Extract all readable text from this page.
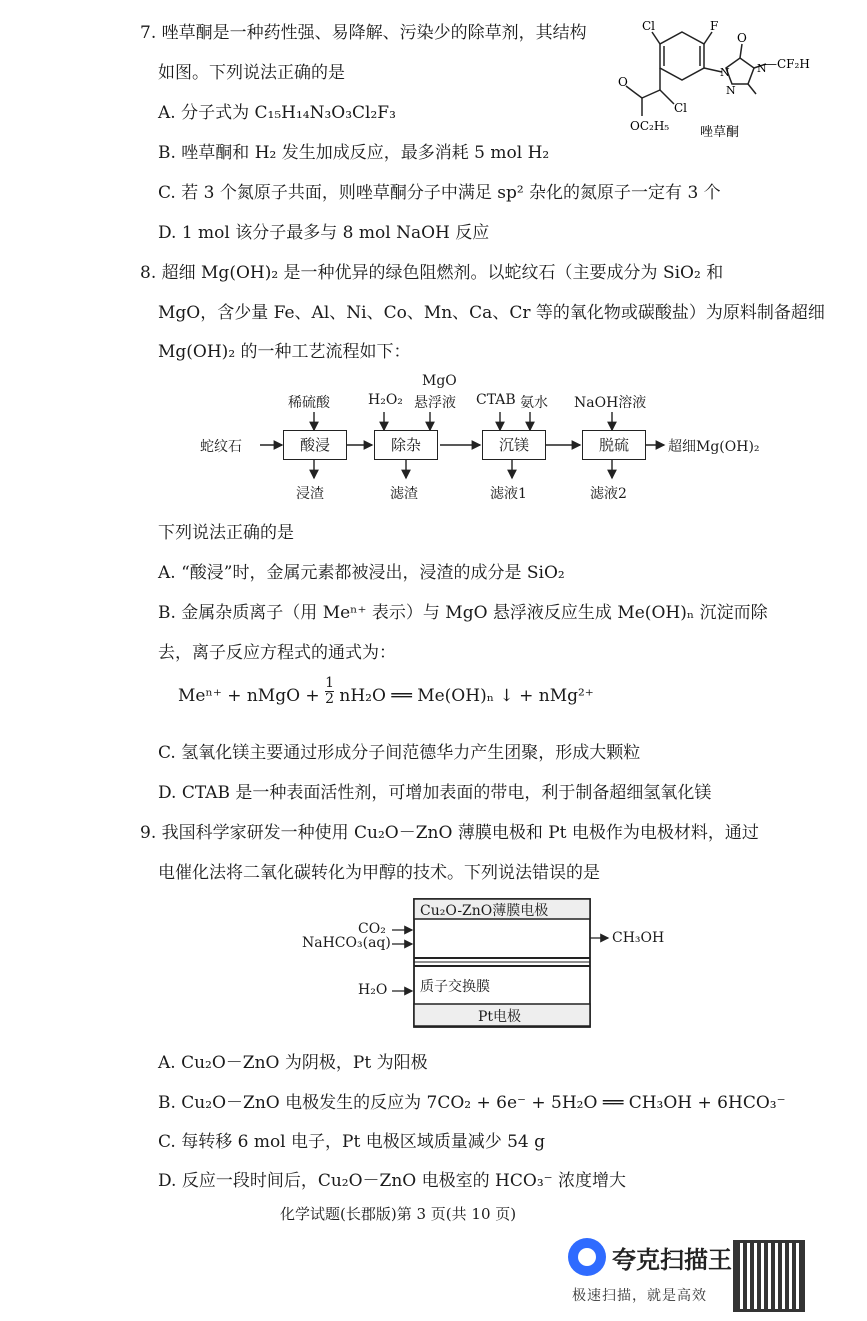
7. 唑草酮是一种药性强、易降解、污染少的除草剂，其结构
如图。下列说法正确的是
Cl	F
Cl
N N
N
O
O
—CF₂H
OC₂H₅ 唑草酮
A. 分子式为 C₁₅H₁₄N₃O₃Cl₂F₃
B. 唑草酮和 H₂ 发生加成反应，最多消耗 5 mol H₂
C. 若 3 个氮原子共面，则唑草酮分子中满足 sp² 杂化的氮原子一定有 3 个
D. 1 mol 该分子最多与 8 mol NaOH 反应
8. 超细 Mg(OH)₂ 是一种优异的绿色阻燃剂。以蛇纹石（主要成分为 SiO₂ 和
MgO，含少量 Fe、Al、Ni、Co、Mn、Ca、Cr 等的氧化物或碳酸盐）为原料制备超细
Mg(OH)₂ 的一种工艺流程如下：
蛇纹石	酸浸	除杂	沉镁	脱硫	超细Mg(OH)₂
稀硫酸	H₂O₂
MgO
悬浮液 CTAB 氨水 NaOH溶液
浸渣	滤渣	滤液1	滤液2
下列说法正确的是
A. “酸浸”时，金属元素都被浸出，浸渣的成分是 SiO₂
B. 金属杂质离子（用 Meⁿ⁺ 表示）与 MgO 悬浮液反应生成 Me(OH)ₙ 沉淀而除
去，离子反应方程式的通式为：
Meⁿ⁺ + nMgO + $\frac{1}{2} nH_2O$ ══ Me(OH)ₙ ↓ + nMg²⁺
C. 氢氧化镁主要通过形成分子间范德华力产生团聚，形成大颗粒
D. CTAB 是一种表面活性剂，可增加表面的带电，利于制备超细氢氧化镁
9. 我国科学家研发一种使用 Cu₂O－ZnO 薄膜电极和 Pt 电极作为电极材料，通过
电催化法将二氧化碳转化为甲醇的技术。下列说法错误的是
Cu₂O-ZnO薄膜电极
质子交换膜
Pt电极
CO₂
NaHCO₃(aq)
H₂O
CH₃OH
A. Cu₂O－ZnO 为阴极，Pt 为阳极
B. Cu₂O－ZnO 电极发生的反应为 7CO₂ + 6e⁻ + 5H₂O ══ CH₃OH + 6HCO₃⁻
C. 每转移 6 mol 电子，Pt 电极区域质量减少 54 g
D. 反应一段时间后，Cu₂O－ZnO 电极室的 HCO₃⁻ 浓度增大
化学试题(长郡版)第 3 页(共 10 页)
夸克扫描王
极速扫描，就是高效
